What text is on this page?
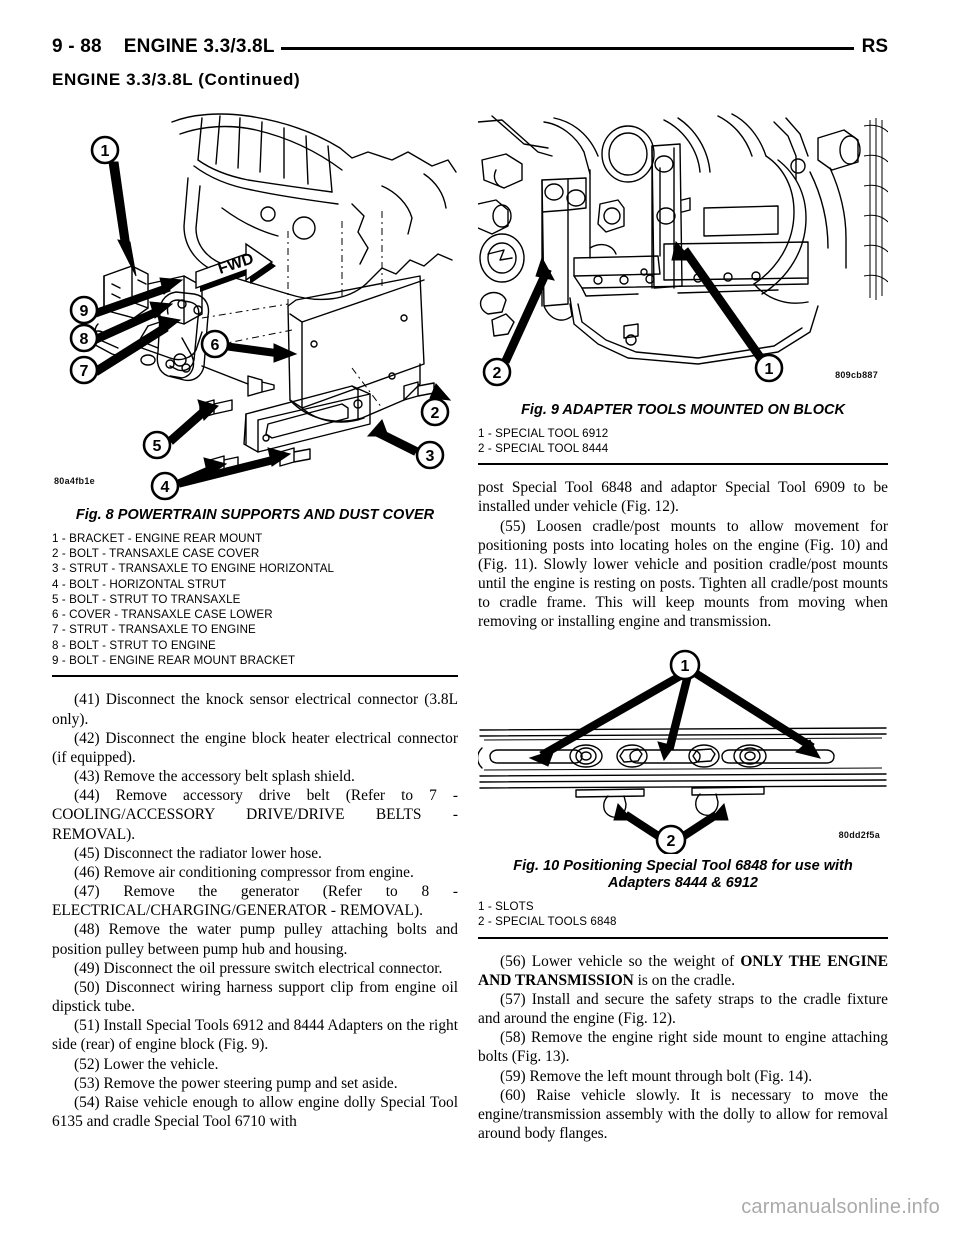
9 - 88 ENGINE 3.3/3.8L	RS
ENGINE 3.3/3.8L (Continued)
FWD
1
9
8
7
6
5
4
3
2
80a4fb1e
Fig. 8 POWERTRAIN SUPPORTS AND DUST COVER
1 - BRACKET - ENGINE REAR MOUNT
2 - BOLT - TRANSAXLE CASE COVER
3 - STRUT - TRANSAXLE TO ENGINE HORIZONTAL
4 - BOLT - HORIZONTAL STRUT
5 - BOLT - STRUT TO TRANSAXLE
6 - COVER - TRANSAXLE CASE LOWER
7 - STRUT - TRANSAXLE TO ENGINE
8 - BOLT - STRUT TO ENGINE
9 - BOLT - ENGINE REAR MOUNT BRACKET

(41) Disconnect the knock sensor electrical connector (3.8L only).

(42) Disconnect the engine block heater electrical connector (if equipped).

(43) Remove the accessory belt splash shield.

(44) Remove accessory drive belt (Refer to 7 - COOLING/ACCESSORY DRIVE/DRIVE BELTS - REMOVAL).

(45) Disconnect the radiator lower hose.

(46) Remove air conditioning compressor from engine.

(47) Remove the generator (Refer to 8 - ELECTRICAL/CHARGING/GENERATOR - REMOVAL).

(48) Remove the water pump pulley attaching bolts and position pulley between pump hub and housing.

(49) Disconnect the oil pressure switch electrical connector.

(50) Disconnect wiring harness support clip from engine oil dipstick tube.

(51) Install Special Tools 6912 and 8444 Adapters on the right side (rear) of engine block (Fig. 9).

(52) Lower the vehicle.

(53) Remove the power steering pump and set aside.

(54) Raise vehicle enough to allow engine dolly Special Tool 6135 and cradle Special Tool 6710 with

2	1	809cb887
Fig. 9 ADAPTER TOOLS MOUNTED ON BLOCK
1 - SPECIAL TOOL 6912
2 - SPECIAL TOOL 8444

post Special Tool 6848 and adaptor Special Tool 6909 to be installed under vehicle (Fig. 12).

(55) Loosen cradle/post mounts to allow movement for positioning posts into locating holes on the engine (Fig. 10) and (Fig. 11). Slowly lower vehicle and position cradle/post mounts until the engine is resting on posts. Tighten all cradle/post mounts to cradle frame. This will keep mounts from moving when removing or installing engine and transmission.

1
2	80dd2f5a
Fig. 10 Positioning Special Tool 6848 for use with
Adapters 8444 & 6912
1 - SLOTS
2 - SPECIAL TOOLS 6848

(56) Lower vehicle so the weight of ONLY THE ENGINE AND TRANSMISSION is on the cradle.

(57) Install and secure the safety straps to the cradle fixture and around the engine (Fig. 12).

(58) Remove the engine right side mount to engine attaching bolts (Fig. 13).

(59) Remove the left mount through bolt (Fig. 14).

(60) Raise vehicle slowly. It is necessary to move the engine/transmission assembly with the dolly to allow for removal around body flanges.

carmanualsonline.info
